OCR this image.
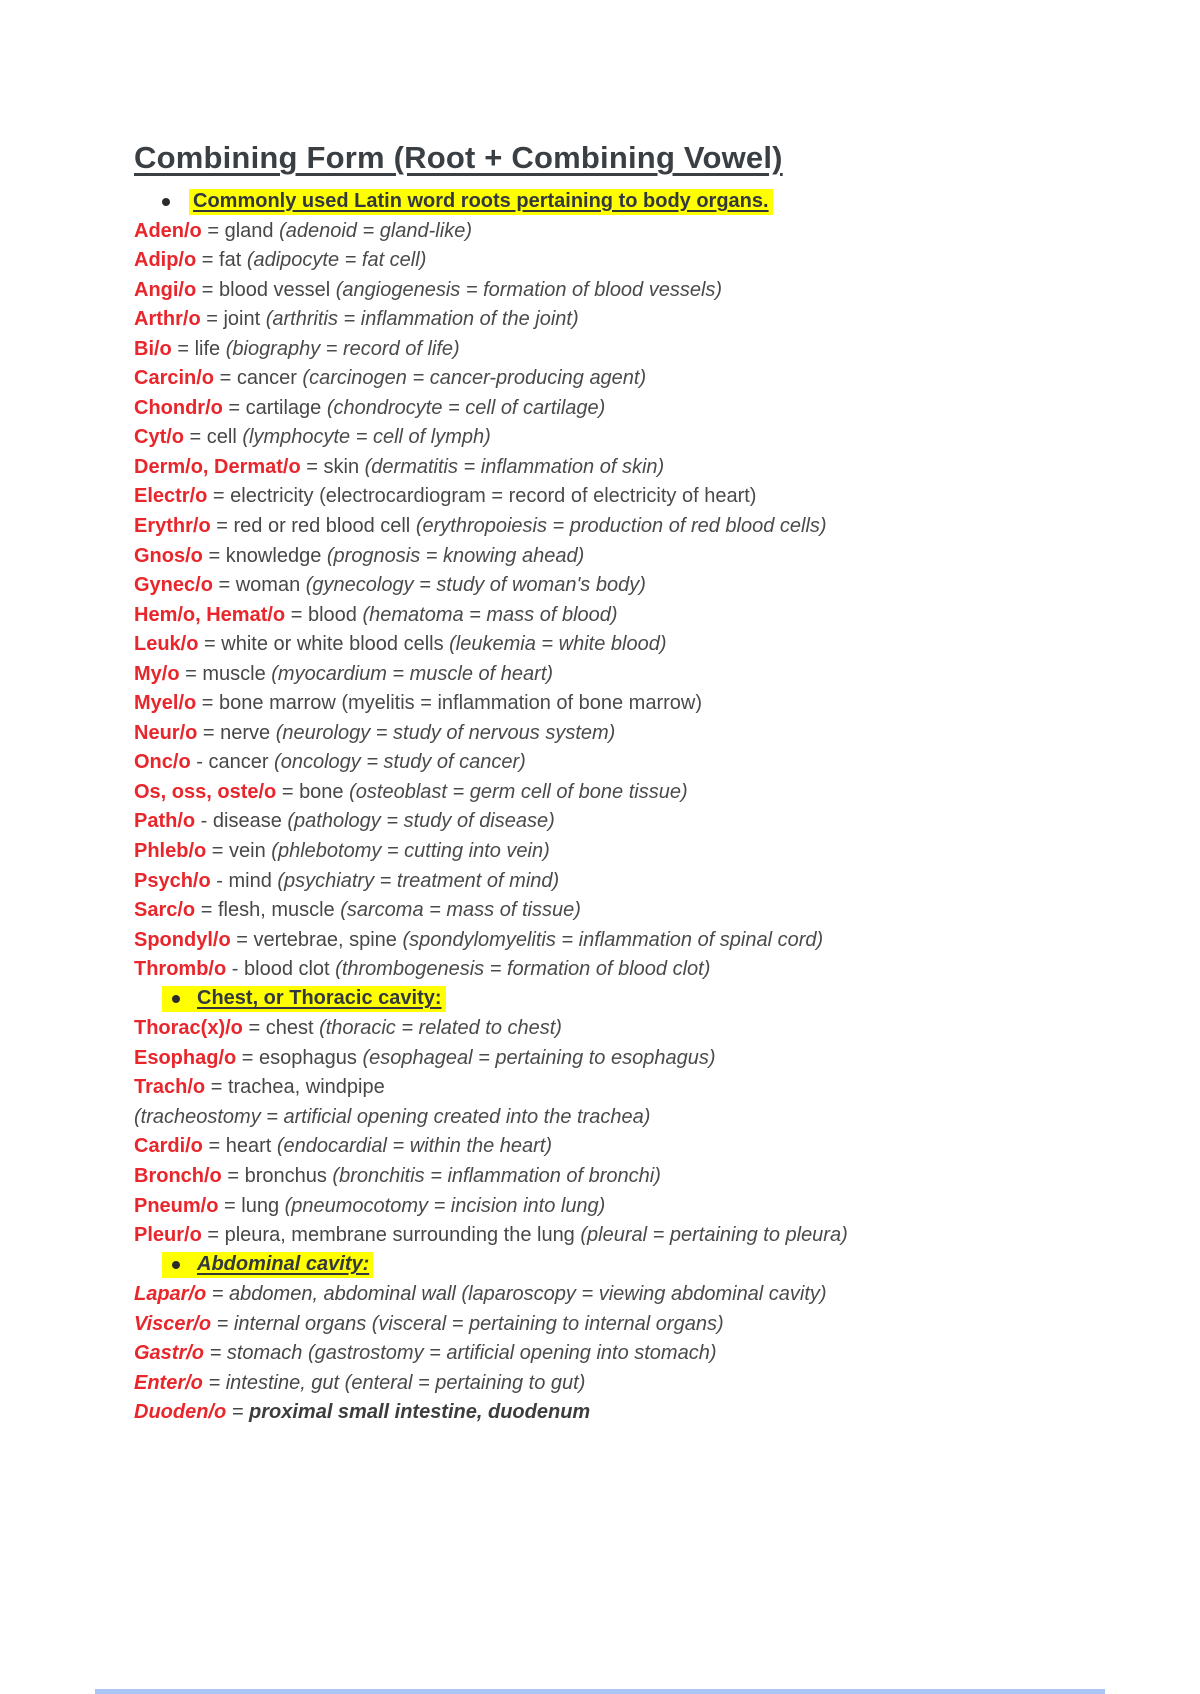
Combining Form (Root + Combining Vowel)
Commonly used Latin word roots pertaining to body organs.
Aden/o = gland (adenoid = gland-like)
Adip/o = fat (adipocyte = fat cell)
Angi/o = blood vessel (angiogenesis = formation of blood vessels)
Arthr/o = joint (arthritis = inflammation of the joint)
Bi/o = life (biography = record of life)
Carcin/o = cancer (carcinogen = cancer-producing agent)
Chondr/o = cartilage (chondrocyte = cell of cartilage)
Cyt/o = cell (lymphocyte = cell of lymph)
Derm/o, Dermat/o = skin (dermatitis = inflammation of skin)
Electr/o = electricity (electrocardiogram = record of electricity of heart)
Erythr/o = red or red blood cell (erythropoiesis = production of red blood cells)
Gnos/o = knowledge (prognosis = knowing ahead)
Gynec/o = woman (gynecology = study of woman's body)
Hem/o, Hemat/o = blood (hematoma = mass of blood)
Leuk/o = white or white blood cells (leukemia = white blood)
My/o = muscle (myocardium = muscle of heart)
Myel/o = bone marrow (myelitis = inflammation of bone marrow)
Neur/o = nerve (neurology = study of nervous system)
Onc/o - cancer (oncology = study of cancer)
Os, oss, oste/o = bone (osteoblast = germ cell of bone tissue)
Path/o - disease (pathology = study of disease)
Phleb/o = vein (phlebotomy = cutting into vein)
Psych/o - mind (psychiatry = treatment of mind)
Sarc/o = flesh, muscle (sarcoma = mass of tissue)
Spondyl/o = vertebrae, spine (spondylomyelitis = inflammation of spinal cord)
Thromb/o - blood clot (thrombogenesis = formation of blood clot)
Chest, or Thoracic cavity:
Thorac(x)/o = chest (thoracic = related to chest)
Esophag/o = esophagus (esophageal = pertaining to esophagus)
Trach/o = trachea, windpipe
(tracheostomy = artificial opening created into the trachea)
Cardi/o = heart (endocardial = within the heart)
Bronch/o = bronchus (bronchitis = inflammation of bronchi)
Pneum/o = lung (pneumocotomy = incision into lung)
Pleur/o = pleura, membrane surrounding the lung (pleural = pertaining to pleura)
Abdominal cavity:
Lapar/o = abdomen, abdominal wall (laparoscopy = viewing abdominal cavity)
Viscer/o = internal organs (visceral = pertaining to internal organs)
Gastr/o = stomach (gastrostomy = artificial opening into stomach)
Enter/o = intestine, gut (enteral = pertaining to gut)
Duoden/o = proximal small intestine, duodenum
